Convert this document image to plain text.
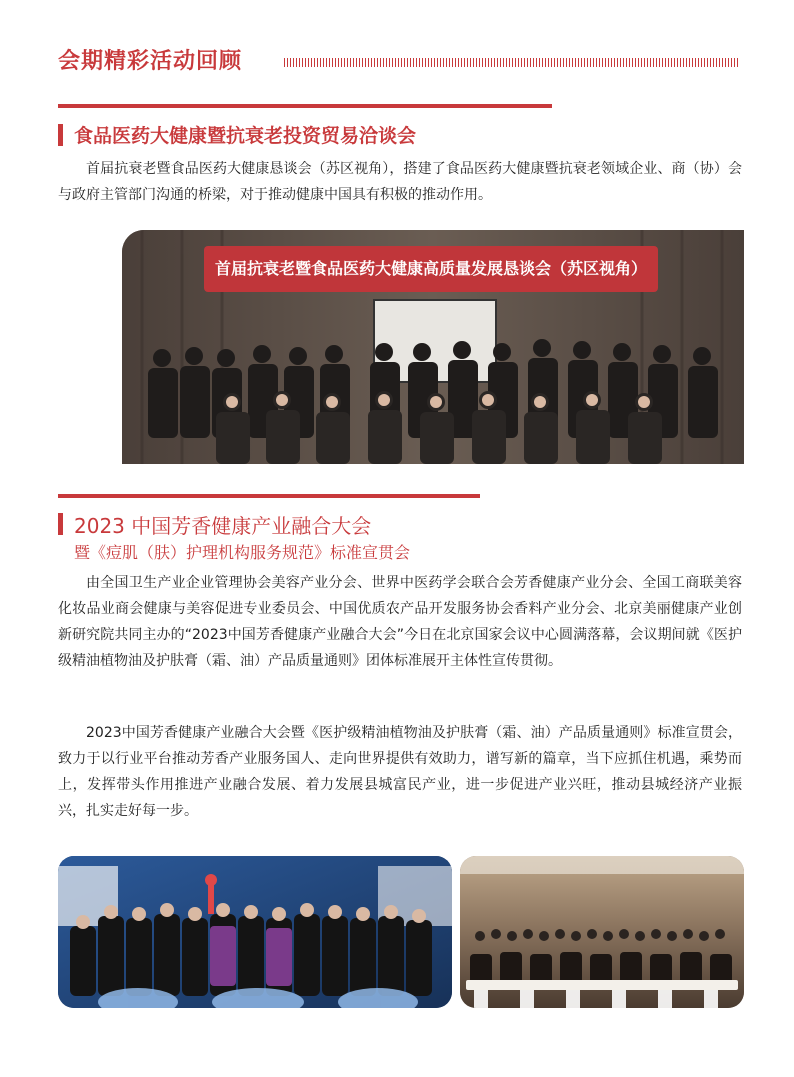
会期精彩活动回顾
食品医药大健康暨抗衰老投资贸易洽谈会

首届抗衰老暨食品医药大健康恳谈会（苏区视角），搭建了食品医药大健康暨抗衰老领域企业、商（协）会与政府主管部门沟通的桥梁，对于推动健康中国具有积极的推动作用。

首届抗衰老暨食品医药大健康高质量发展恳谈会（苏区视角）
2023 中国芳香健康产业融合大会
暨《痘肌（肤）护理机构服务规范》标准宣贯会

由全国卫生产业企业管理协会美容产业分会、世界中医药学会联合会芳香健康产业分会、全国工商联美容化妆品业商会健康与美容促进专业委员会、中国优质农产品开发服务协会香料产业分会、北京美丽健康产业创新研究院共同主办的“2023中国芳香健康产业融合大会”今日在北京国家会议中心圆满落幕，会议期间就《医护级精油植物油及护肤膏（霜、油）产品质量通则》团体标准展开主体性宣传贯彻。

2023中国芳香健康产业融合大会暨《医护级精油植物油及护肤膏（霜、油）产品质量通则》标准宣贯会，致力于以行业平台推动芳香产业服务国人、走向世界提供有效助力，谱写新的篇章，当下应抓住机遇，乘势而上，发挥带头作用推进产业融合发展、着力发展县城富民产业，进一步促进产业兴旺，推动县城经济产业振兴，扎实走好每一步。
